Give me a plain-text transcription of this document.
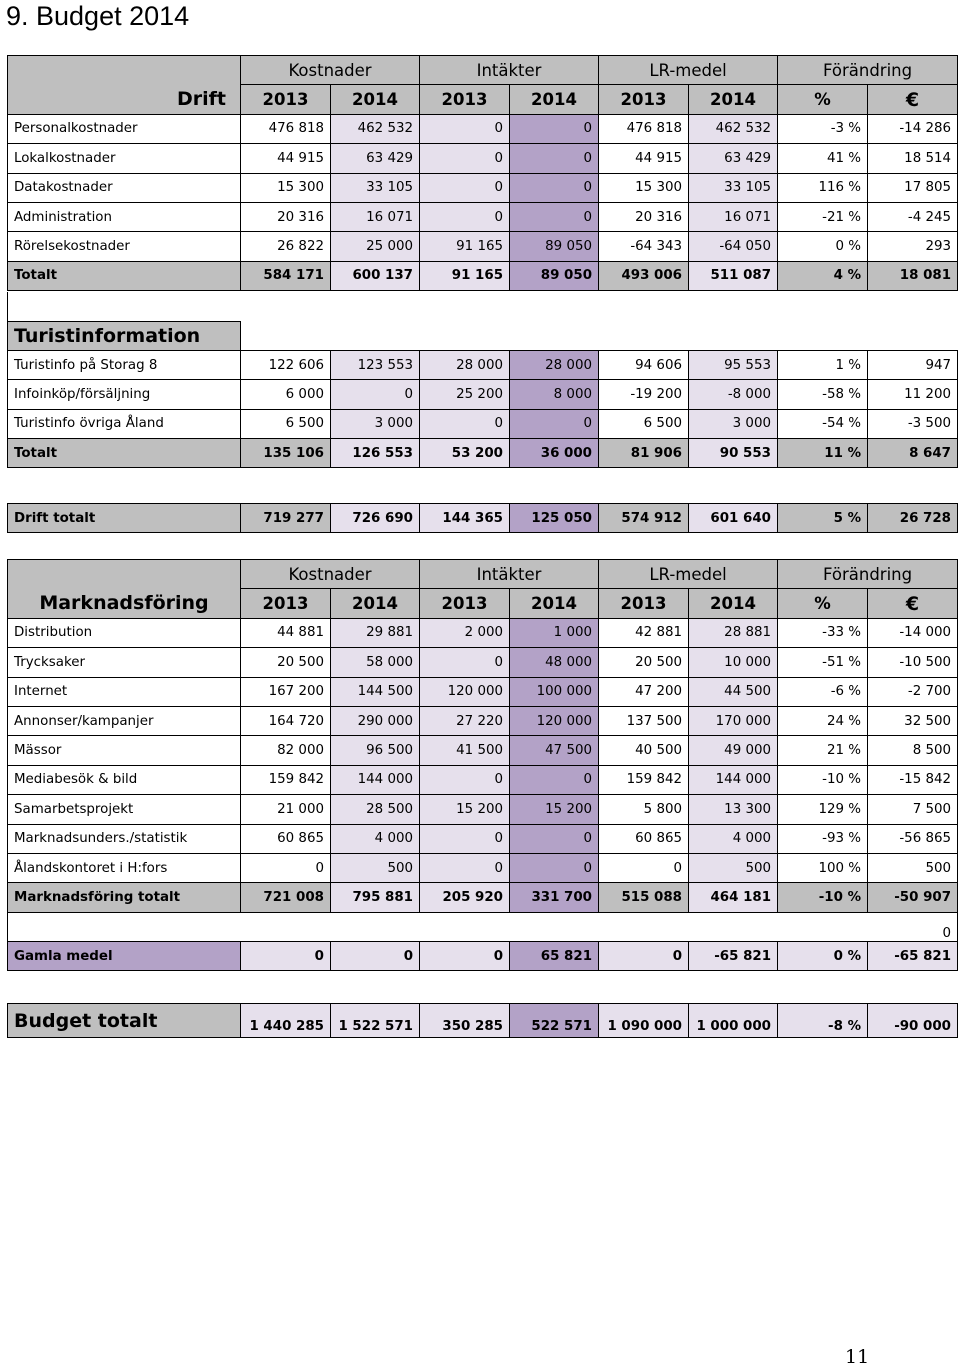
9. Budget 2014
Drift	Kostnader		Intäkter		LR-medel		Förändring	
	2013	2014	2013	2014	2013	2014	%	€
Personalkostnader	476 818	462 532	0	0	476 818	462 532	-3 %	-14 286
Lokalkostnader	44 915	63 429	0	0	44 915	63 429	41 %	18 514
Datakostnader	15 300	33 105	0	0	15 300	33 105	116 %	17 805
Administration	20 316	16 071	0	0	20 316	16 071	-21 %	-4 245
Rörelsekostnader	26 822	25 000	91 165	89 050	-64 343	-64 050	0 %	293
Totalt	584 171	600 137	91 165	89 050	493 006	511 087	4 %	18 081

Turistinformation								
Turistinfo på Storag 8	122 606	123 553	28 000	28 000	94 606	95 553	1 %	947
Infoinköp/försäljning	6 000	0	25 200	8 000	-19 200	-8 000	-58 %	11 200
Turistinfo övriga Åland	6 500	3 000	0	0	6 500	3 000	-54 %	-3 500
Totalt	135 106	126 553	53 200	36 000	81 906	90 553	11 %	8 647
Drift totalt	719 277	726 690	144 365	125 050	574 912	601 640	5 %	26 728
Marknadsföring	Kostnader		Intäkter		LR-medel		Förändring	
	2013	2014	2013	2014	2013	2014	%	€
Distribution	44 881	29 881	2 000	1 000	42 881	28 881	-33 %	-14 000
Trycksaker	20 500	58 000	0	48 000	20 500	10 000	-51 %	-10 500
Internet	167 200	144 500	120 000	100 000	47 200	44 500	-6 %	-2 700
Annonser/kampanjer	164 720	290 000	27 220	120 000	137 500	170 000	24 %	32 500
Mässor	82 000	96 500	41 500	47 500	40 500	49 000	21 %	8 500
Mediabesök & bild	159 842	144 000	0	0	159 842	144 000	-10 %	-15 842
Samarbetsprojekt	21 000	28 500	15 200	15 200	5 800	13 300	129 %	7 500
Marknadsunders./statistik	60 865	4 000	0	0	60 865	4 000	-93 %	-56 865
Ålandskontoret i H:fors	0	500	0	0	0	500	100 %	500
Marknadsföring totalt	721 008	795 881	205 920	331 700	515 088	464 181	-10 %	-50 907
0								
Gamla medel	0	0	0	65 821	0	-65 821	0 %	-65 821
Budget totalt	1 440 285	1 522 571	350 285	522 571	1 090 000	1 000 000	-8 %	-90 000
11
